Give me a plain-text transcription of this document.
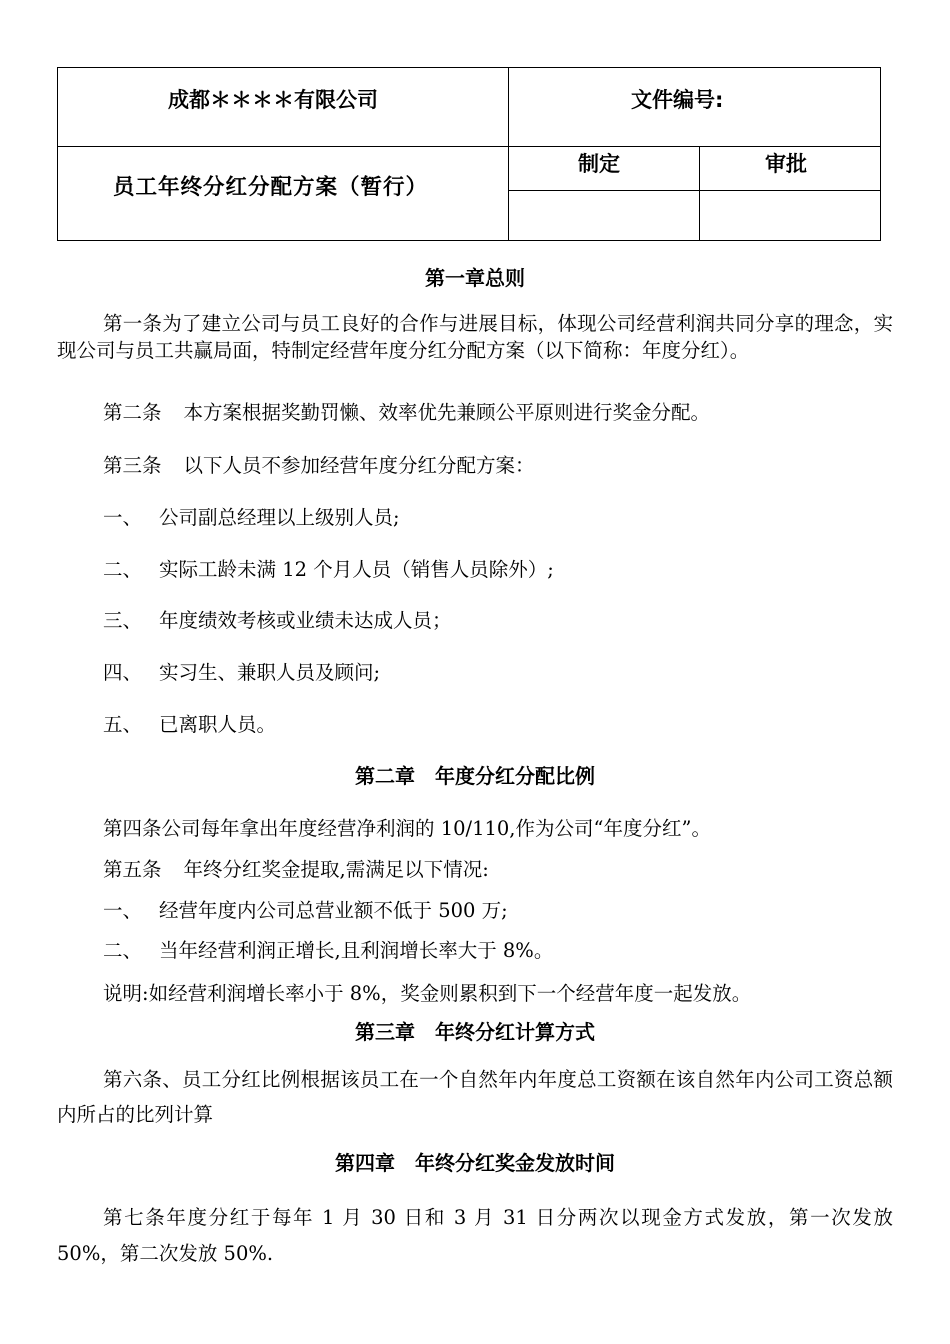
成都＊＊＊＊有限公司	文件编号:
员工年终分红分配方案（暂行）
制定	审批
第一章总则
第一条为了建立公司与员工良好的合作与进展目标，体现公司经营利润共同分享的理念，实现公司与员工共赢局面，特制定经营年度分红分配方案（以下简称：年度分红）。
第二条 本方案根据奖勤罚懒、效率优先兼顾公平原则进行奖金分配。
第三条 以下人员不参加经营年度分红分配方案：
一、 公司副总经理以上级别人员;
二、 实际工龄未满 12 个月人员（销售人员除外）;
三、 年度绩效考核或业绩未达成人员；
四、 实习生、兼职人员及顾问;
五、 已离职人员。
第二章　年度分红分配比例
第四条公司每年拿出年度经营净利润的 10/110,作为公司“年度分红”。
第五条 年终分红奖金提取,需满足以下情况:
一、 经营年度内公司总营业额不低于 500 万;
二、 当年经营利润正增长,且利润增长率大于 8%。
说明:如经营利润增长率小于 8%，奖金则累积到下一个经营年度一起发放。
第三章　年终分红计算方式
第六条、员工分红比例根据该员工在一个自然年内年度总工资额在该自然年内公司工资总额内所占的比列计算
第四章　年终分红奖金发放时间
第七条年度分红于每年 1 月 30 日和 3 月 31 日分两次以现金方式发放，第一次发放 50%，第二次发放 50%.
